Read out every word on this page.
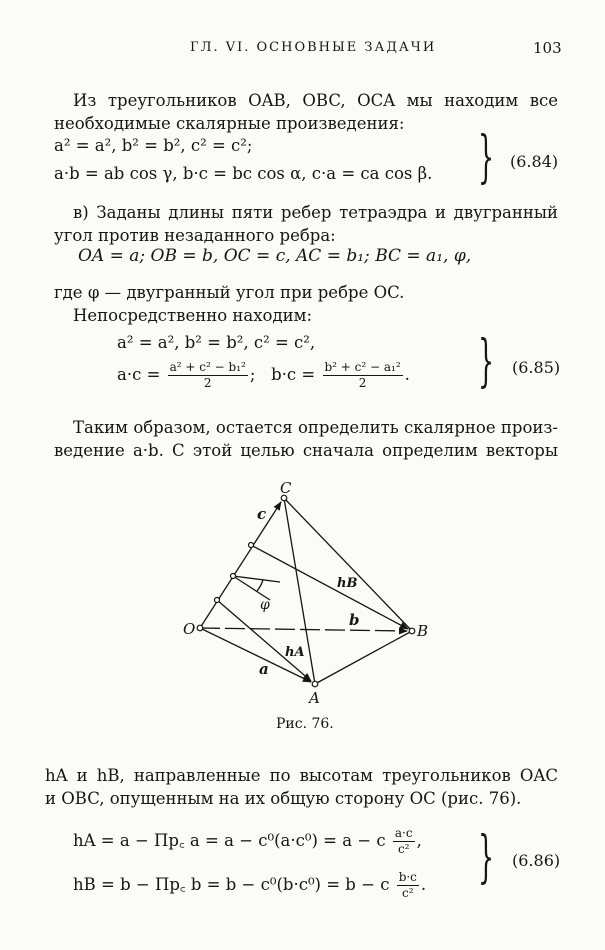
ГЛ. VI. ОСНОВНЫЕ ЗАДАЧИ	103
Из треугольников OAB, OBC, OCA мы находим все
необходимые скалярные произведения:
a² = a², b² = b², c² = c²;
a·b = ab cos γ, b·c = bc cos α, c·a = ca cos β. } (6.84)
в) Заданы длины пяти ребер тетраэдра и двугранный
угол против незаданного ребра:
OA = a; OB = b, OC = c, AC = b₁; BC = a₁, φ,
где φ — двугранный угол при ребре OC.
Непосредственно находим:
a² = a², b² = b², c² = c²,
$a\cdot c = \frac{\text{a² + c² − b₁²}}{2}$ ;   $b\cdot c = \frac{\text{b² + c² − a₁²}}{2}$ . } (6.85)
Таким образом, остается определить скалярное произ-
ведение a·b. С этой целью сначала определим векторы
C
O	B
A
c
a
b
hB
hA
φ
Рис. 76.
hA и hB, направленные по высотам треугольников OAC
и OBC, опущенным на их общую сторону OC (рис. 76).
hA = a − Пр꜀ a = a − c⁰(a·c⁰) = a − c $\frac{a\cdot c}{\text{c²}}$ ,
hB = b − Пр꜀ b = b − c⁰(b·c⁰) = b − c $\frac{b\cdot c}{\text{c²}}$ . } (6.86)
